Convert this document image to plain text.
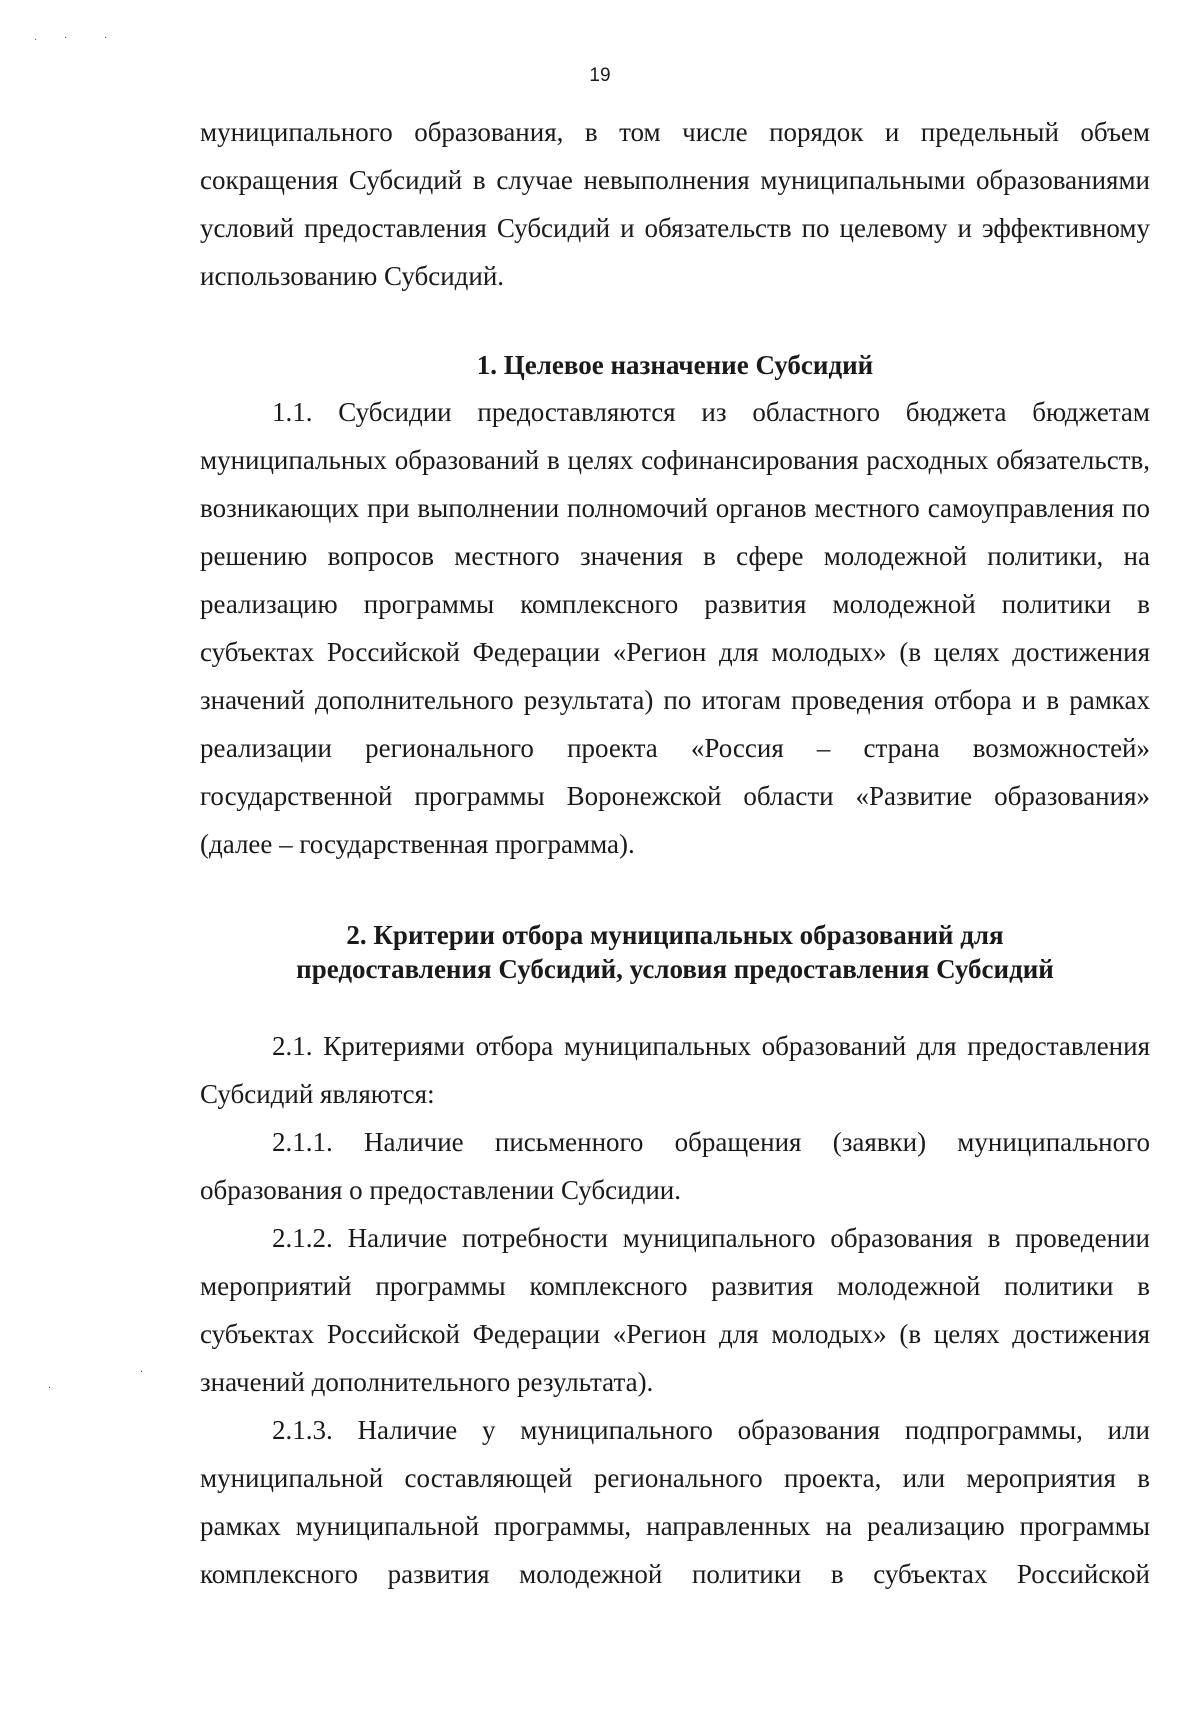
·	·	·
·
·
19

муниципального образования, в том числе порядок и предельный объем сокращения Субсидий в случае невыполнения муниципальными образованиями условий предоставления Субсидий и обязательств по целевому и эффективному использованию Субсидий.

1. Целевое назначение Субсидий

1.1. Субсидии предоставляются из областного бюджета бюджетам муниципальных образований в целях софинансирования расходных обязательств, возникающих при выполнении полномочий органов местного самоуправления по решению вопросов местного значения в сфере молодежной политики, на реализацию программы комплексного развития молодежной политики в субъектах Российской Федерации «Регион для молодых» (в целях достижения значений дополнительного результата) по итогам проведения отбора и в рамках реализации регионального проекта «Россия – страна возможностей» государственной программы Воронежской области «Развитие образования» (далее – государственная программа).

2. Критерии отбора муниципальных образований для
предоставления Субсидий, условия предоставления Субсидий

2.1. Критериями отбора муниципальных образований для предоставления Субсидий являются:

2.1.1. Наличие письменного обращения (заявки) муниципального образования о предоставлении Субсидии.

2.1.2. Наличие потребности муниципального образования в проведении мероприятий программы комплексного развития молодежной политики в субъектах Российской Федерации «Регион для молодых» (в целях достижения значений дополнительного результата).

2.1.3. Наличие у муниципального образования подпрограммы, или муниципальной составляющей регионального проекта, или мероприятия в рамках муниципальной программы, направленных на реализацию программы комплексного развития молодежной политики в субъектах Российской
